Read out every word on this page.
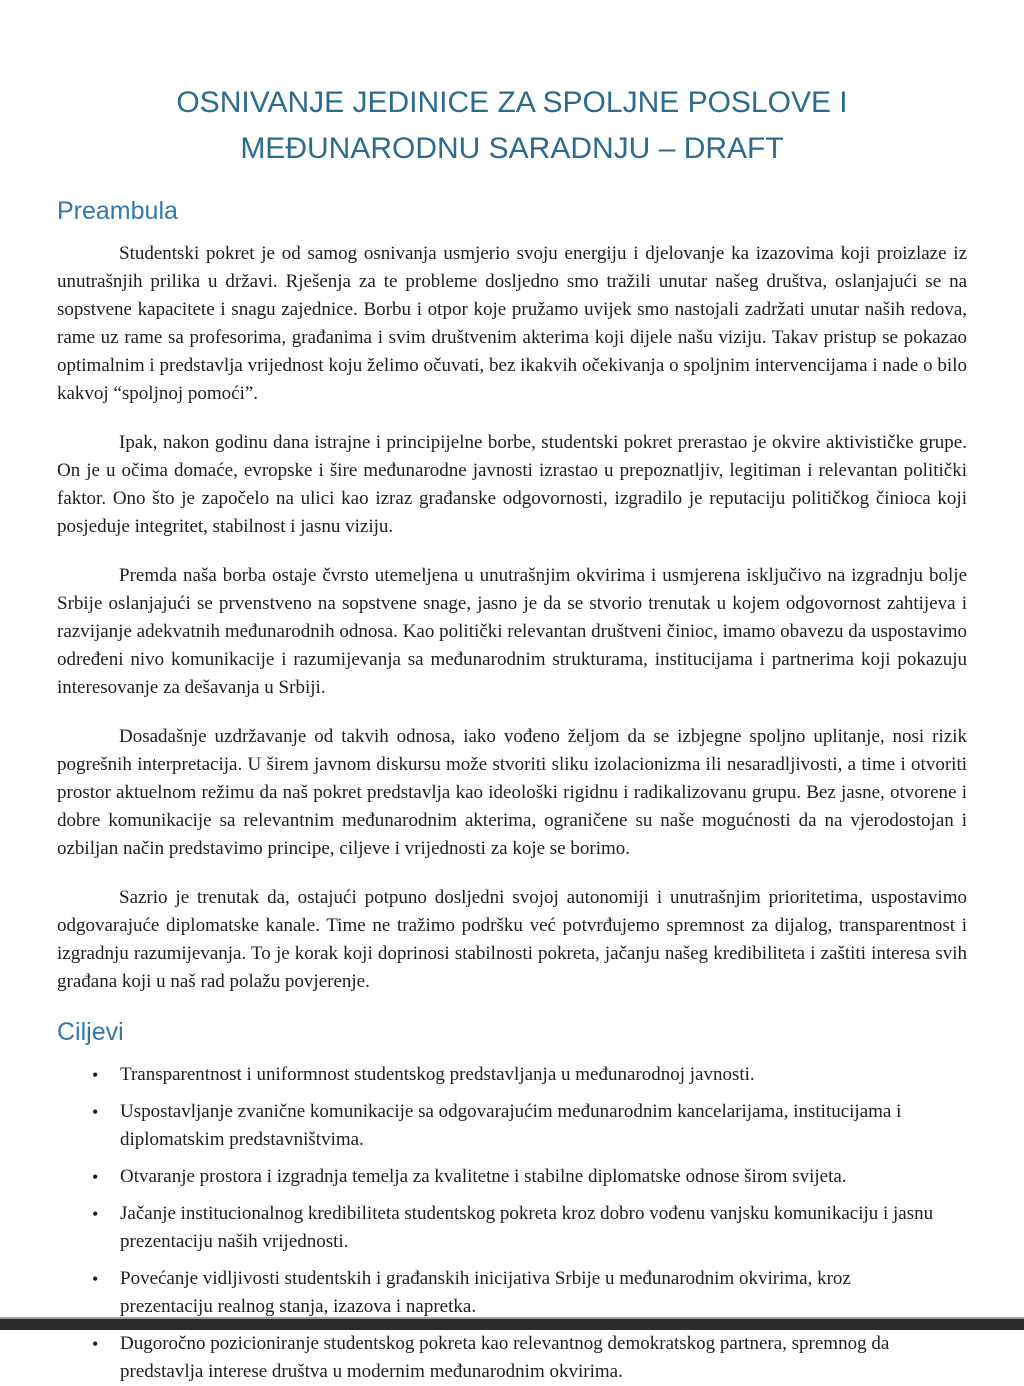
OSNIVANJE JEDINICE ZA SPOLJNE POSLOVE I
MEĐUNARODNU SARADNJU – DRAFT
Preambula

Studentski pokret je od samog osnivanja usmjerio svoju energiju i djelovanje ka izazovima koji proizlaze iz unutrašnjih prilika u državi. Rješenja za te probleme dosljedno smo tražili unutar našeg društva, oslanjajući se na sopstvene kapacitete i snagu zajednice. Borbu i otpor koje pružamo uvijek smo nastojali zadržati unutar naših redova, rame uz rame sa profesorima, građanima i svim društvenim akterima koji dijele našu viziju. Takav pristup se pokazao optimalnim i predstavlja vrijednost koju želimo očuvati, bez ikakvih očekivanja o spoljnim intervencijama i nade o bilo kakvoj “spoljnoj pomoći”.

Ipak, nakon godinu dana istrajne i principijelne borbe, studentski pokret prerastao je okvire aktivističke grupe. On je u očima domaće, evropske i šire međunarodne javnosti izrastao u prepoznatljiv, legitiman i relevantan politički faktor. Ono što je započelo na ulici kao izraz građanske odgovornosti, izgradilo je reputaciju političkog činioca koji posjeduje integritet, stabilnost i jasnu viziju.

Premda naša borba ostaje čvrsto utemeljena u unutrašnjim okvirima i usmjerena isključivo na izgradnju bolje Srbije oslanjajući se prvenstveno na sopstvene snage, jasno je da se stvorio trenutak u kojem odgovornost zahtijeva i razvijanje adekvatnih međunarodnih odnosa. Kao politički relevantan društveni činioc, imamo obavezu da uspostavimo određeni nivo komunikacije i razumijevanja sa međunarodnim strukturama, institucijama i partnerima koji pokazuju interesovanje za dešavanja u Srbiji.

Dosadašnje uzdržavanje od takvih odnosa, iako vođeno željom da se izbjegne spoljno uplitanje, nosi rizik pogrešnih interpretacija. U širem javnom diskursu može stvoriti sliku izolacionizma ili nesaradljivosti, a time i otvoriti prostor aktuelnom režimu da naš pokret predstavlja kao ideološki rigidnu i radikalizovanu grupu. Bez jasne, otvorene i dobre komunikacije sa relevantnim međunarodnim akterima, ograničene su naše mogućnosti da na vjerodostojan i ozbiljan način predstavimo principe, ciljeve i vrijednosti za koje se borimo.

Sazrio je trenutak da, ostajući potpuno dosljedni svojoj autonomiji i unutrašnjim prioritetima, uspostavimo odgovarajuće diplomatske kanale. Time ne tražimo podršku već potvrđujemo spremnost za dijalog, transparentnost i izgradnju razumijevanja. To je korak koji doprinosi stabilnosti pokreta, jačanju našeg kredibiliteta i zaštiti interesa svih građana koji u naš rad polažu povjerenje.

Ciljevi
• Transparentnost i uniformnost studentskog predstavljanja u međunarodnoj javnosti.
• Uspostavljanje zvanične komunikacije sa odgovarajućim međunarodnim kancelarijama, institucijama i diplomatskim predstavništvima.
• Otvaranje prostora i izgradnja temelja za kvalitetne i stabilne diplomatske odnose širom svijeta.
• Jačanje institucionalnog kredibiliteta studentskog pokreta kroz dobro vođenu vanjsku komunikaciju i jasnu prezentaciju naših vrijednosti.
• Povećanje vidljivosti studentskih i građanskih inicijativa Srbije u međunarodnim okvirima, kroz prezentaciju realnog stanja, izazova i napretka.
• Dugoročno pozicioniranje studentskog pokreta kao relevantnog demokratskog partnera, spremnog da predstavlja interese društva u modernim međunarodnim okvirima.
